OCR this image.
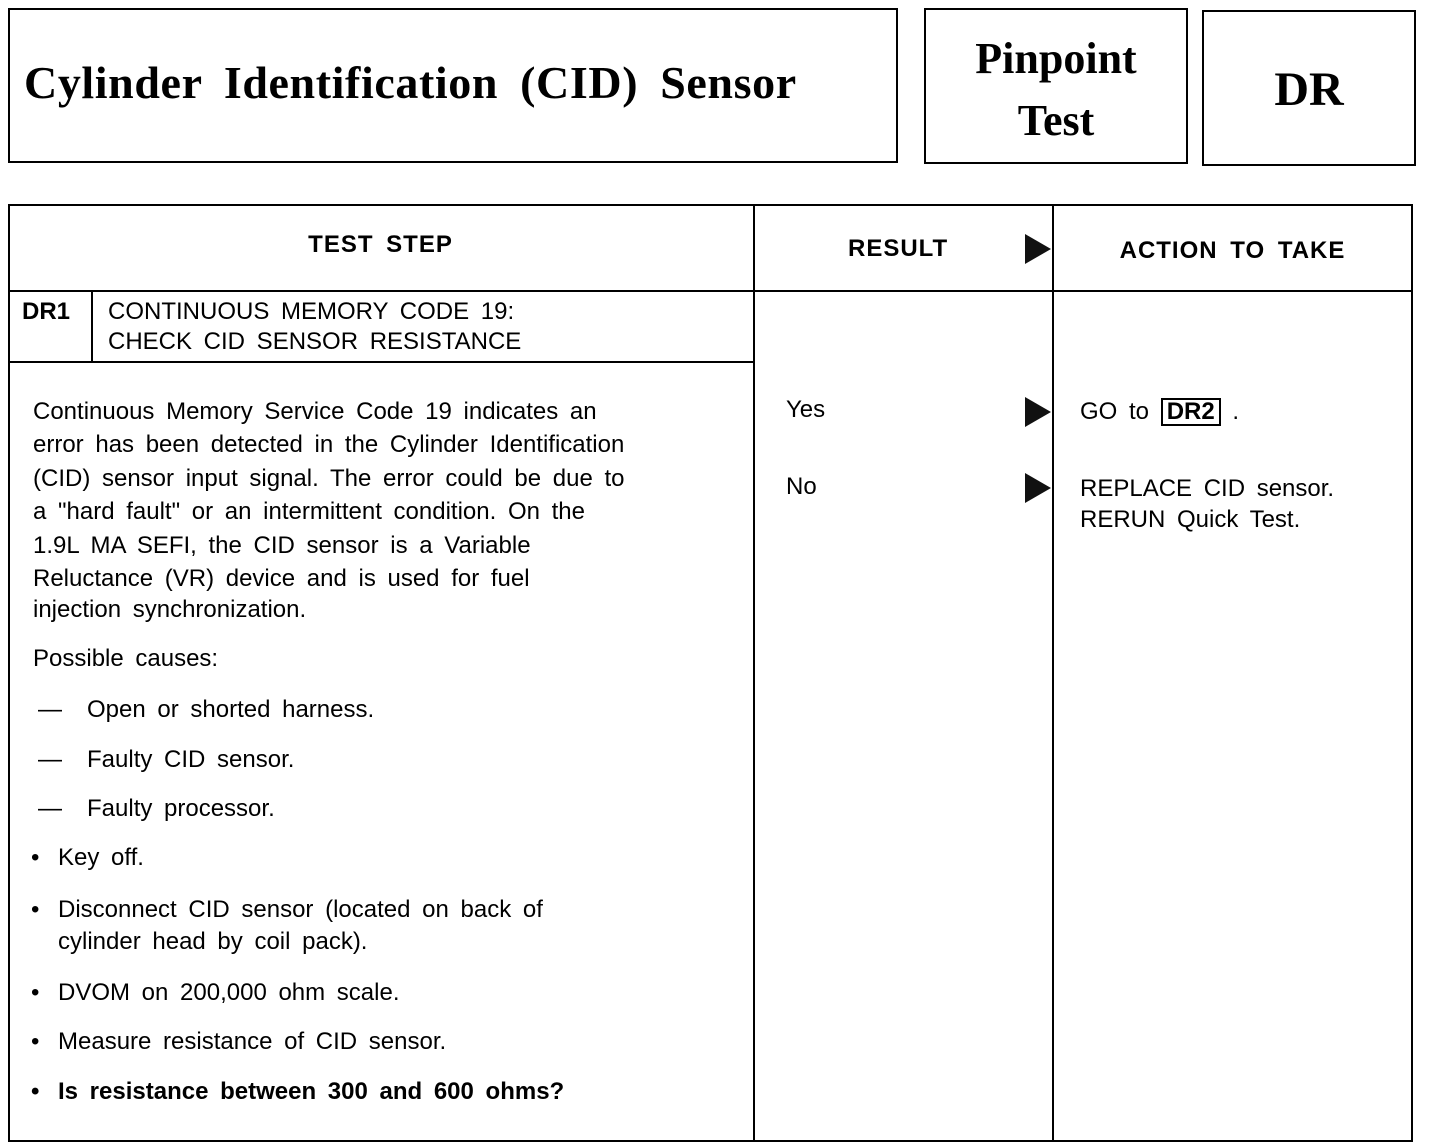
Cylinder Identification (CID) Sensor	Pinpoint
Test
DR
TEST STEP	RESULT	ACTION TO TAKE
DR1 CONTINUOUS MEMORY CODE 19:
CHECK CID SENSOR RESISTANCE
Continuous Memory Service Code 19 indicates an
error has been detected in the Cylinder Identification
(CID) sensor input signal. The error could be due to
a "hard fault" or an intermittent condition. On the
1.9L MA SEFI, the CID sensor is a Variable
Reluctance (VR) device and is used for fuel
injection synchronization.
Possible causes:
— Open or shorted harness.
— Faulty CID sensor.
— Faulty processor.
• Key off.
• Disconnect CID sensor (located on back of
cylinder head by coil pack).
• DVOM on 200,000 ohm scale.
• Measure resistance of CID sensor.
• Is resistance between 300 and 600 ohms?
Yes	GO to DR2 .
No	REPLACE CID sensor.
RERUN Quick Test.
